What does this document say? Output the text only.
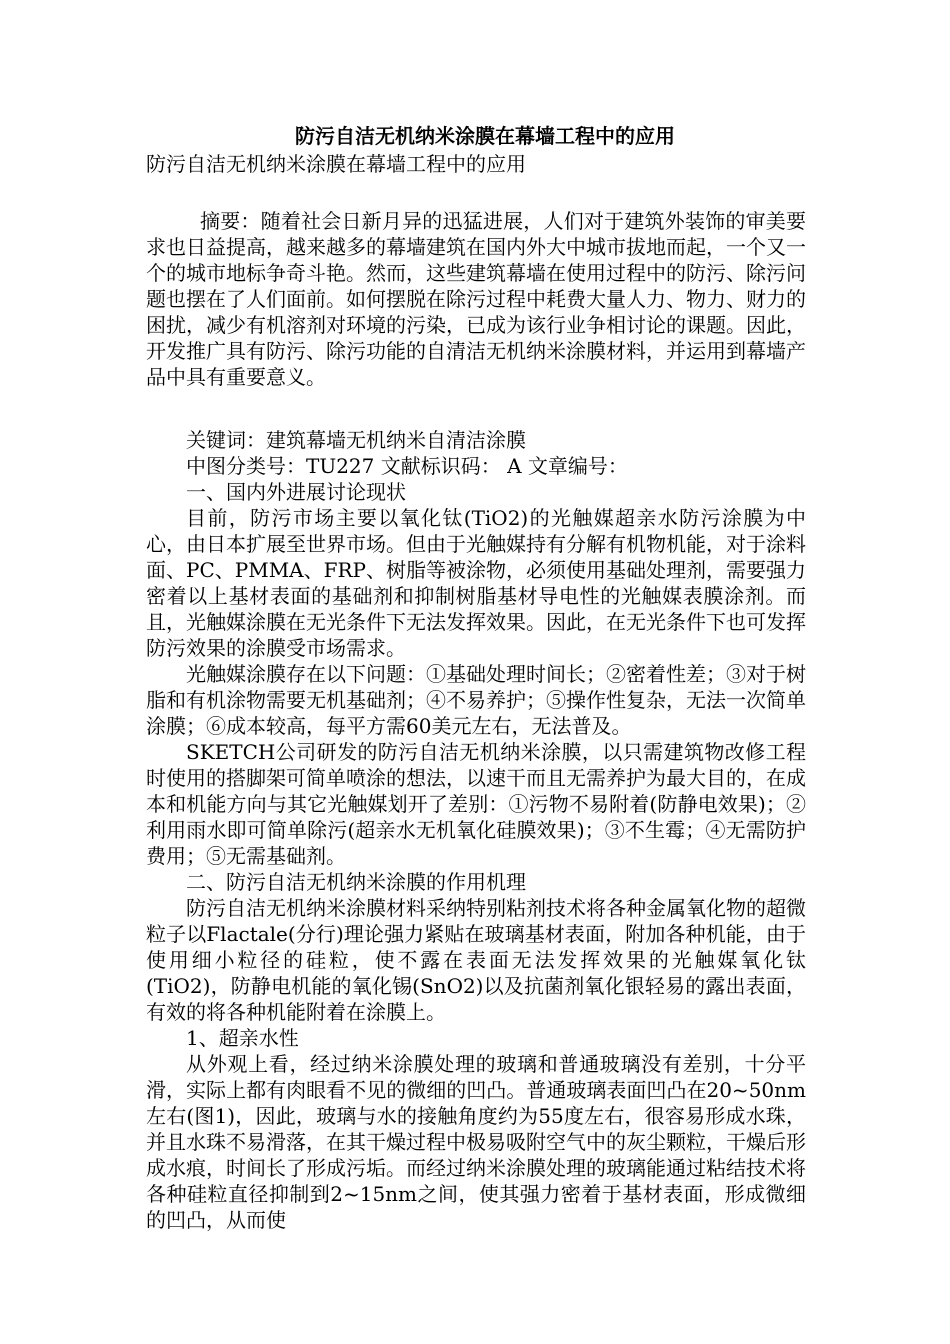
防污自洁无机纳米涂膜在幕墙工程中的应用

防污自洁无机纳米涂膜在幕墙工程中的应用

摘要：随着社会日新月异的迅猛进展，人们对于建筑外装饰的审美要求也日益提高，越来越多的幕墙建筑在国内外大中城市拔地而起，一个又一个的城市地标争奇斗艳。然而，这些建筑幕墙在使用过程中的防污、除污问题也摆在了人们面前。如何摆脱在除污过程中耗费大量人力、物力、财力的困扰，减少有机溶剂对环境的污染，已成为该行业争相讨论的课题。因此，开发推广具有防污、除污功能的自清洁无机纳米涂膜材料，并运用到幕墙产品中具有重要意义。

关键词：建筑幕墙无机纳米自清洁涂膜

中图分类号：TU227 文献标识码： A 文章编号：

一、国内外进展讨论现状

目前，防污市场主要以氧化钛(TiO2)的光触媒超亲水防污涂膜为中心，由日本扩展至世界市场。但由于光触媒持有分解有机物机能，对于涂料面、PC、PMMA、FRP、树脂等被涂物，必须使用基础处理剂，需要强力密着以上基材表面的基础剂和抑制树脂基材导电性的光触媒表膜涂剂。而且，光触媒涂膜在无光条件下无法发挥效果。因此，在无光条件下也可发挥防污效果的涂膜受市场需求。

光触媒涂膜存在以下问题：①基础处理时间长；②密着性差；③对于树脂和有机涂物需要无机基础剂；④不易养护；⑤操作性复杂，无法一次简单涂膜；⑥成本较高，每平方需60美元左右，无法普及。

SKETCH公司研发的防污自洁无机纳米涂膜，以只需建筑物改修工程时使用的搭脚架可简单喷涂的想法，以速干而且无需养护为最大目的，在成本和机能方向与其它光触媒划开了差别：①污物不易附着(防静电效果)；②利用雨水即可简单除污(超亲水无机氧化硅膜效果)；③不生霉；④无需防护费用；⑤无需基础剂。

二、防污自洁无机纳米涂膜的作用机理

防污自洁无机纳米涂膜材料采纳特别粘剂技术将各种金属氧化物的超微粒子以Flactale(分行)理论强力紧贴在玻璃基材表面，附加各种机能，由于使用细小粒径的硅粒，使不露在表面无法发挥效果的光触媒氧化钛(TiO2)，防静电机能的氧化锡(SnO2)以及抗菌剂氧化银轻易的露出表面，有效的将各种机能附着在涂膜上。

1、超亲水性

从外观上看，经过纳米涂膜处理的玻璃和普通玻璃没有差别，十分平滑，实际上都有肉眼看不见的微细的凹凸。普通玻璃表面凹凸在20~50nm左右(图1)，因此，玻璃与水的接触角度约为55度左右，很容易形成水珠，并且水珠不易滑落，在其干燥过程中极易吸附空气中的灰尘颗粒，干燥后形成水痕，时间长了形成污垢。而经过纳米涂膜处理的玻璃能通过粘结技术将各种硅粒直径抑制到2~15nm之间，使其强力密着于基材表面，形成微细的凹凸，从而使
